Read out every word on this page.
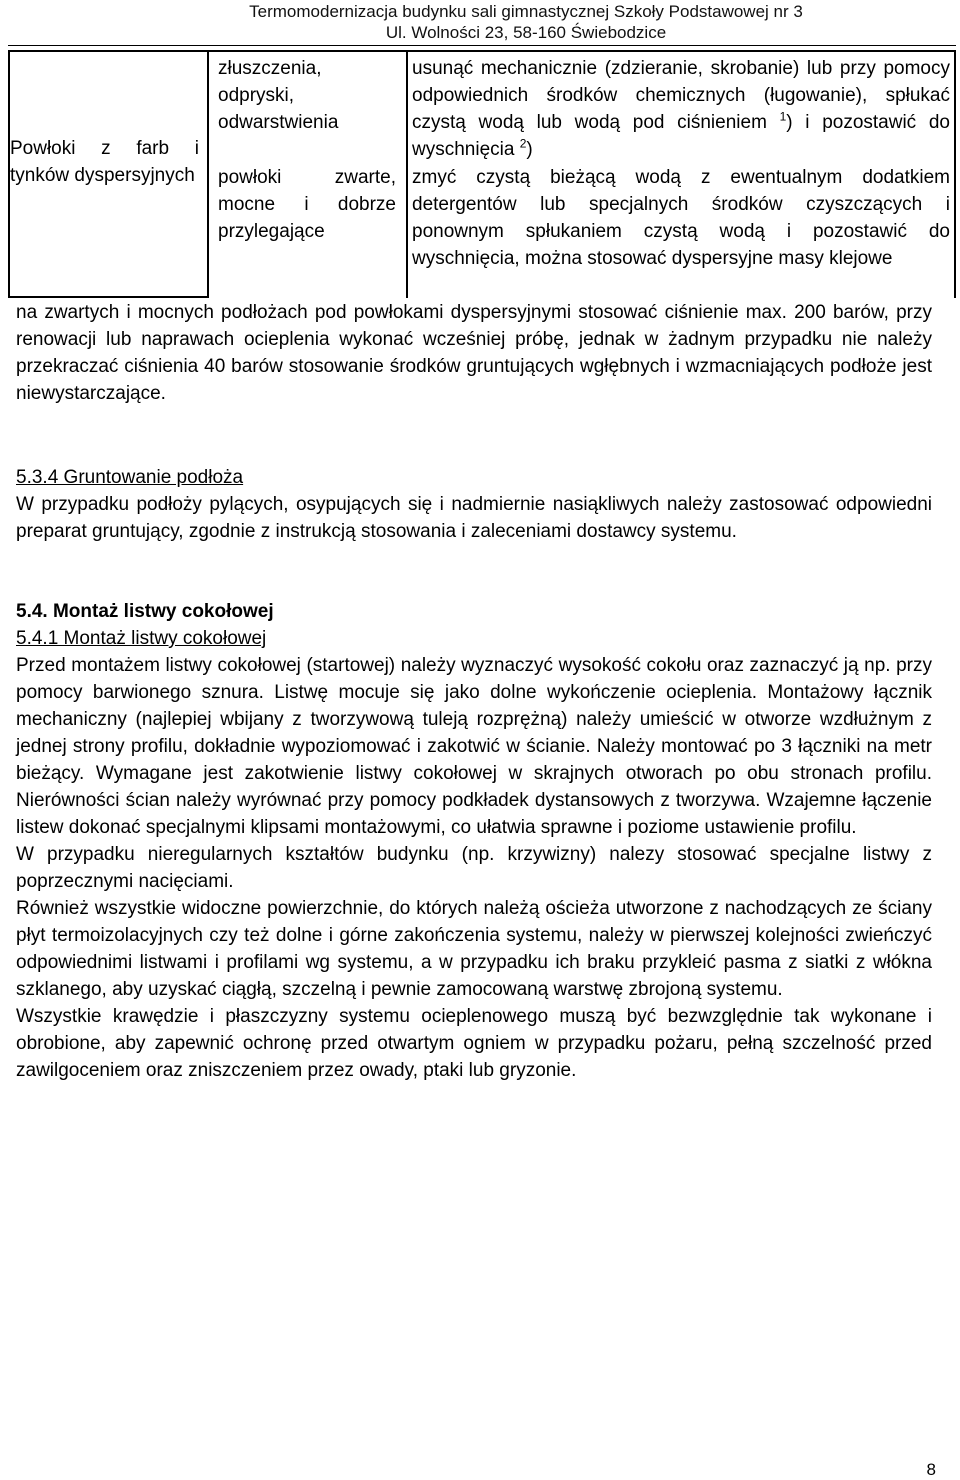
Termomodernizacja budynku sali gimnastycznej Szkoły Podstawowej nr 3
Ul. Wolności 23, 58-160 Świebodzice
Powłoki z farb i tynków dyspersyjnych
złuszczenia, odpryski, odwarstwienia
usunąć mechanicznie (zdzieranie, skrobanie) lub przy pomocy odpowiednich środków chemicznych (ługowanie), spłukać czystą wodą lub wodą pod ciśnieniem $^1$) i pozostawić do wyschnięcia $^2$)
powłoki zwarte, mocne i dobrze przylegające
zmyć czystą bieżącą wodą z ewentualnym dodatkiem detergentów lub specjalnych środków czyszczących i ponownym spłukaniem czystą wodą i pozostawić do wyschnięcia, można stosować dyspersyjne masy klejowe

na zwartych i mocnych podłożach pod powłokami dyspersyjnymi stosować ciśnienie max. 200 barów, przy renowacji lub naprawach ocieplenia wykonać wcześniej próbę, jednak w żadnym przypadku nie należy przekraczać ciśnienia 40 barów stosowanie środków gruntujących wgłębnych i wzmacniających podłoże jest niewystarczające.

5.3.4 Gruntowanie podłoża

W przypadku podłoży pylących, osypujących się i nadmiernie nasiąkliwych należy zastosować odpowiedni preparat gruntujący, zgodnie z instrukcją stosowania i zaleceniami dostawcy systemu.

5.4. Montaż listwy cokołowej

5.4.1 Montaż listwy cokołowej

Przed montażem listwy cokołowej (startowej) należy wyznaczyć wysokość cokołu oraz zaznaczyć ją np. przy pomocy barwionego sznura. Listwę mocuje się jako dolne wykończenie ocieplenia. Montażowy łącznik mechaniczny (najlepiej wbijany z tworzywową tuleją rozprężną) należy umieścić w otworze wzdłużnym z jednej strony profilu, dokładnie wypoziomować i zakotwić w ścianie. Należy montować po 3 łączniki na metr bieżący. Wymagane jest zakotwienie listwy cokołowej w skrajnych otworach po obu stronach profilu. Nierówności ścian należy wyrównać przy pomocy podkładek dystansowych z tworzywa. Wzajemne łączenie listew dokonać specjalnymi klipsami montażowymi, co ułatwia sprawne i poziome ustawienie profilu.

W przypadku nieregularnych kształtów budynku (np. krzywizny) nalezy stosować specjalne listwy z poprzecznymi nacięciami.

Również wszystkie widoczne powierzchnie, do których należą ościeża utworzone z nachodzących ze ściany płyt termoizolacyjnych czy też dolne i górne zakończenia systemu, należy w pierwszej kolejności zwieńczyć odpowiednimi listwami i profilami wg systemu, a w przypadku ich braku przykleić pasma z siatki z włókna szklanego, aby uzyskać ciągłą, szczelną i pewnie zamocowaną warstwę zbrojoną systemu.

Wszystkie krawędzie i płaszczyzny systemu ocieplenowego muszą być bezwzględnie tak wykonane i obrobione, aby zapewnić ochronę przed otwartym ogniem w przypadku pożaru, pełną szczelność przed zawilgoceniem oraz zniszczeniem przez owady, ptaki lub gryzonie.

8
